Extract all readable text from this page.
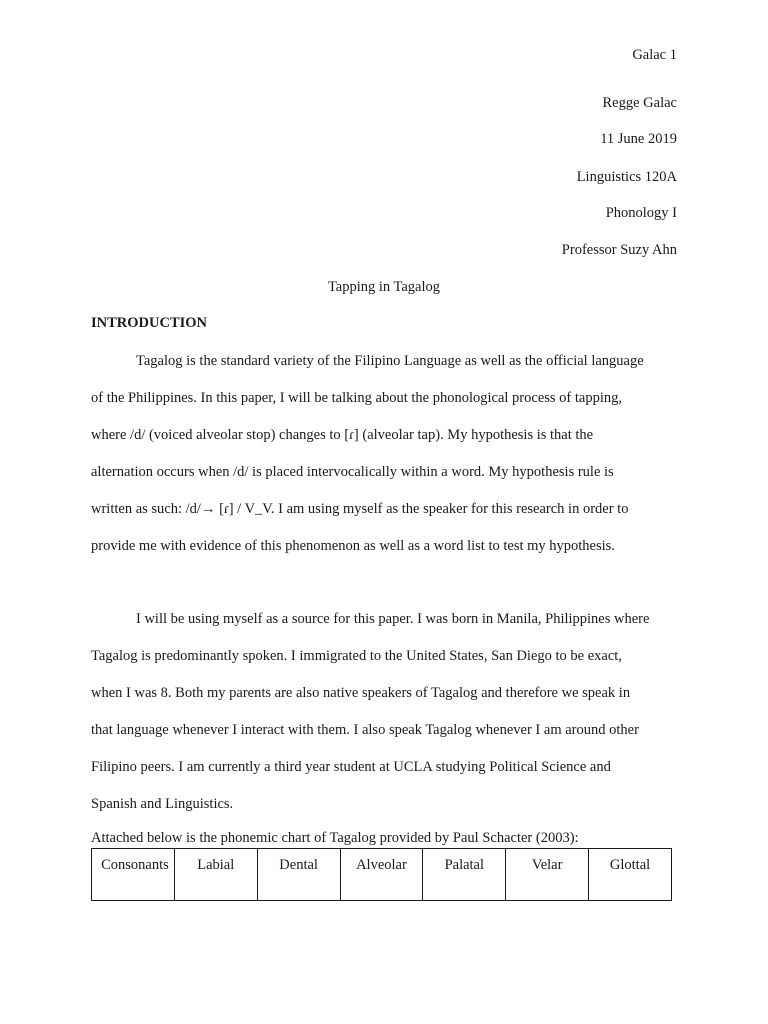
Galac 1
Regge Galac
11 June 2019
Linguistics 120A
Phonology I
Professor Suzy Ahn
Tapping in Tagalog
INTRODUCTION

Tagalog is the standard variety of the Filipino Language as well as the official language
of the Philippines. In this paper, I will be talking about the phonological process of tapping,
where /d/ (voiced alveolar stop) changes to [ɾ] (alveolar tap). My hypothesis is that the
alternation occurs when /d/ is placed intervocalically within a word. My hypothesis rule is
written as such: /d/→ [ɾ] / V_V. I am using myself as the speaker for this research in order to
provide me with evidence of this phenomenon as well as a word list to test my hypothesis.

I will be using myself as a source for this paper. I was born in Manila, Philippines where
Tagalog is predominantly spoken. I immigrated to the United States, San Diego to be exact,
when I was 8. Both my parents are also native speakers of Tagalog and therefore we speak in
that language whenever I interact with them. I also speak Tagalog whenever I am around other
Filipino peers. I am currently a third year student at UCLA studying Political Science and
Spanish and Linguistics.

Attached below is the phonemic chart of Tagalog provided by Paul Schacter (2003):
Consonants	Labial	Dental	Alveolar	Palatal	Velar	Glottal
